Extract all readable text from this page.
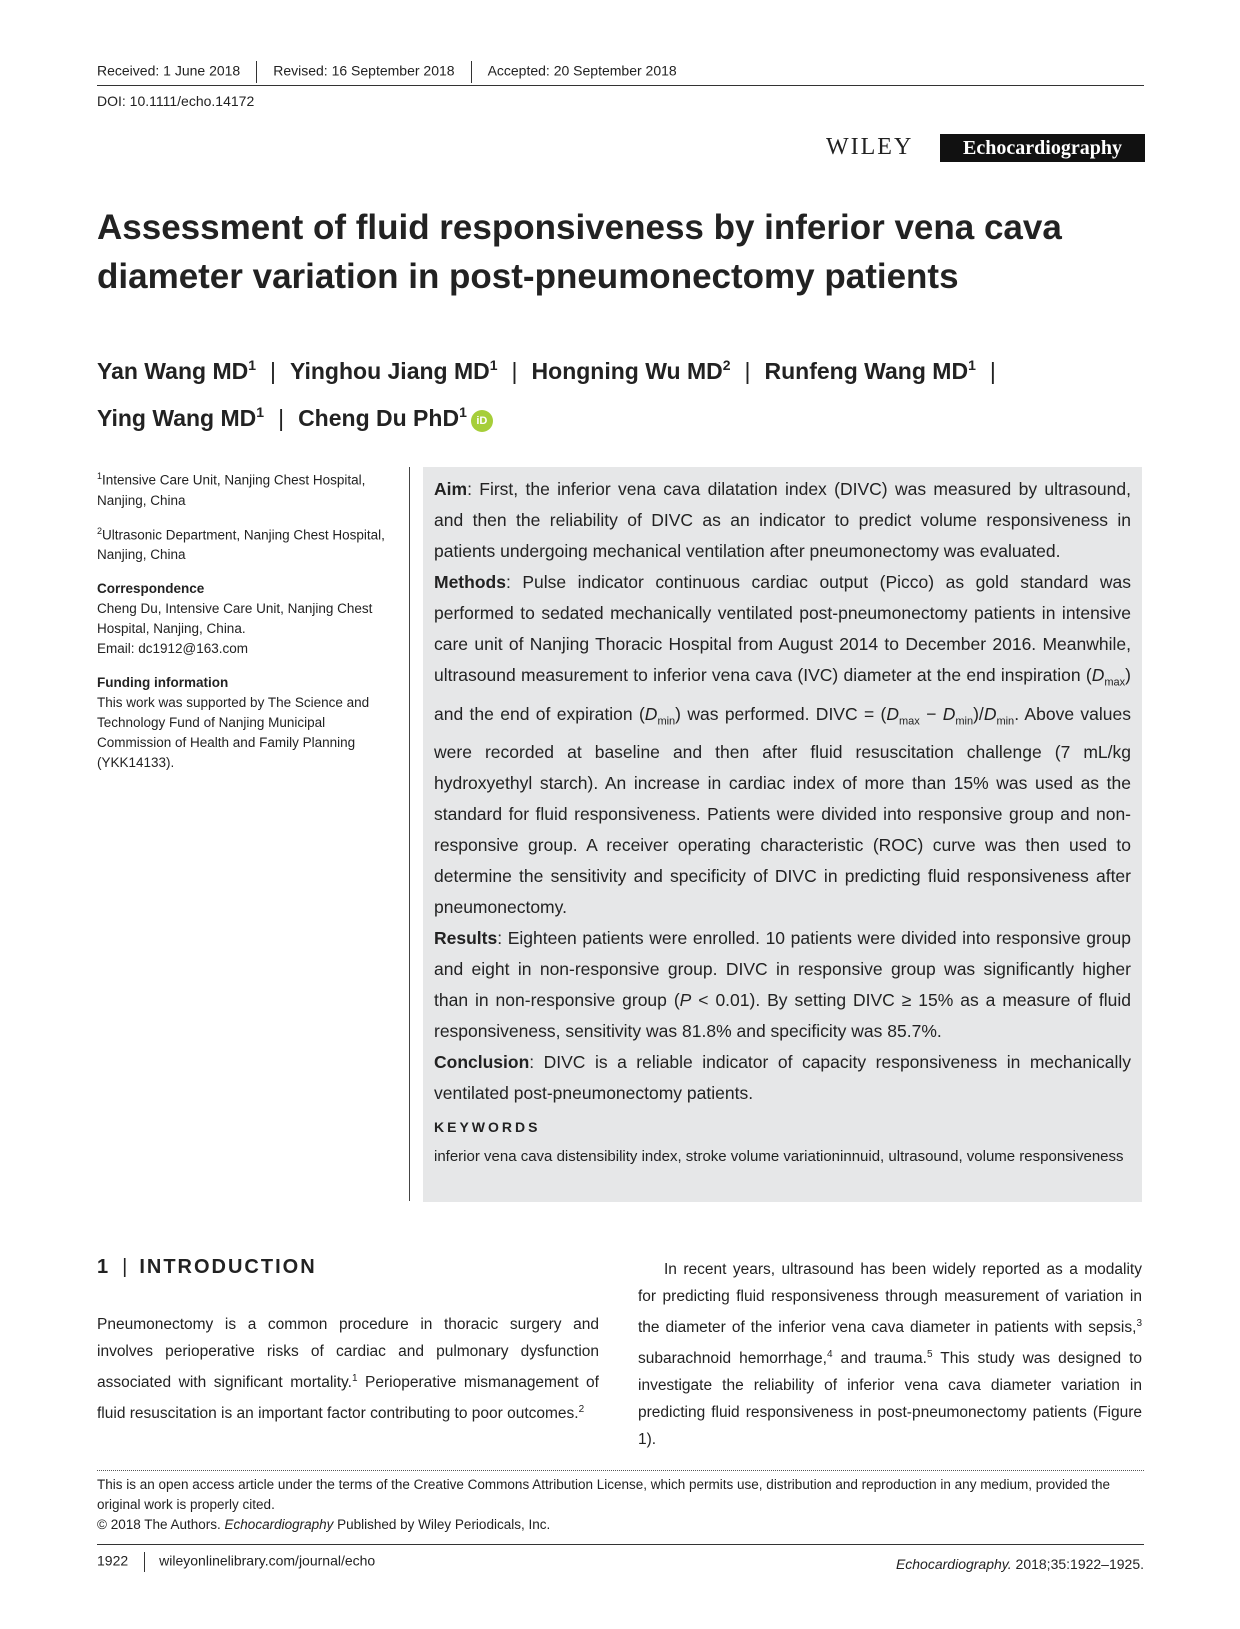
Received: 1 June 2018 Revised: 16 September 2018 Accepted: 20 September 2018
DOI: 10.1111/echo.14172
WILEY	Echocardiography
Assessment of fluid responsiveness by inferior vena cava diameter variation in post-pneumonectomy patients
Yan Wang $MD^1$ | Yinghou Jiang $MD^1$ | Hongning Wu $MD^2$ | Runfeng Wang $MD^1$ |
Ying Wang $MD^1$ | Cheng Du PhD$^1$iD

$^1$Intensive Care Unit, Nanjing Chest Hospital, Nanjing, China

$^2$Ultrasonic Department, Nanjing Chest Hospital, Nanjing, China

Correspondence

Cheng Du, Intensive Care Unit, Nanjing Chest Hospital, Nanjing, China.

Email: dc1912@163.com

Funding information

This work was supported by The Science and Technology Fund of Nanjing Municipal Commission of Health and Family Planning (YKK14133).

Aim: First, the inferior vena cava dilatation index (DIVC) was measured by ultrasound, and then the reliability of DIVC as an indicator to predict volume responsiveness in patients undergoing mechanical ventilation after pneumonectomy was evaluated.

Methods: Pulse indicator continuous cardiac output (Picco) as gold standard was performed to sedated mechanically ventilated post-pneumonectomy patients in intensive care unit of Nanjing Thoracic Hospital from August 2014 to December 2016. Meanwhile, ultrasound measurement to inferior vena cava (IVC) diameter at the end inspiration $(D_{max})$ and the end of expiration $(D_{min})$ was performed. DIVC = $(D_{max} - D_{min})/D_{min}$. Above values were recorded at baseline and then after fluid resuscitation challenge (7 mL/kg hydroxyethyl starch). An increase in cardiac index of more than 15% was used as the standard for fluid responsiveness. Patients were divided into responsive group and non-responsive group. A receiver operating characteristic (ROC) curve was then used to determine the sensitivity and specificity of DIVC in predicting fluid responsiveness after pneumonectomy.

Results: Eighteen patients were enrolled. 10 patients were divided into responsive group and eight in non-responsive group. DIVC in responsive group was significantly higher than in non-responsive group (P < 0.01). By setting DIVC ≥ 15% as a measure of fluid responsiveness, sensitivity was 81.8% and specificity was 85.7%.

Conclusion: DIVC is a reliable indicator of capacity responsiveness in mechanically ventilated post-pneumonectomy patients.

KEYWORDS
inferior vena cava distensibility index, stroke volume variationinnuid, ultrasound, volume responsiveness
1 | INTRODUCTION

Pneumonectomy is a common procedure in thoracic surgery and involves perioperative risks of cardiac and pulmonary dysfunction associated with significant mortality.$^1$ Perioperative mismanagement of fluid resuscitation is an important factor contributing to poor outcomes.$^2$

In recent years, ultrasound has been widely reported as a modality for predicting fluid responsiveness through measurement of variation in the diameter of the inferior vena cava diameter in patients with sepsis,$^3$ subarachnoid hemorrhage,$^4$ and trauma.$^5$ This study was designed to investigate the reliability of inferior vena cava diameter variation in predicting fluid responsiveness in post-pneumonectomy patients (Figure 1).

This is an open access article under the terms of the Creative Commons Attribution License, which permits use, distribution and reproduction in any medium, provided the original work is properly cited.

© 2018 The Authors. Echocardiography Published by Wiley Periodicals, Inc.

1922 wileyonlinelibrary.com/journal/echo	Echocardiography. 2018;35:1922–1925.
